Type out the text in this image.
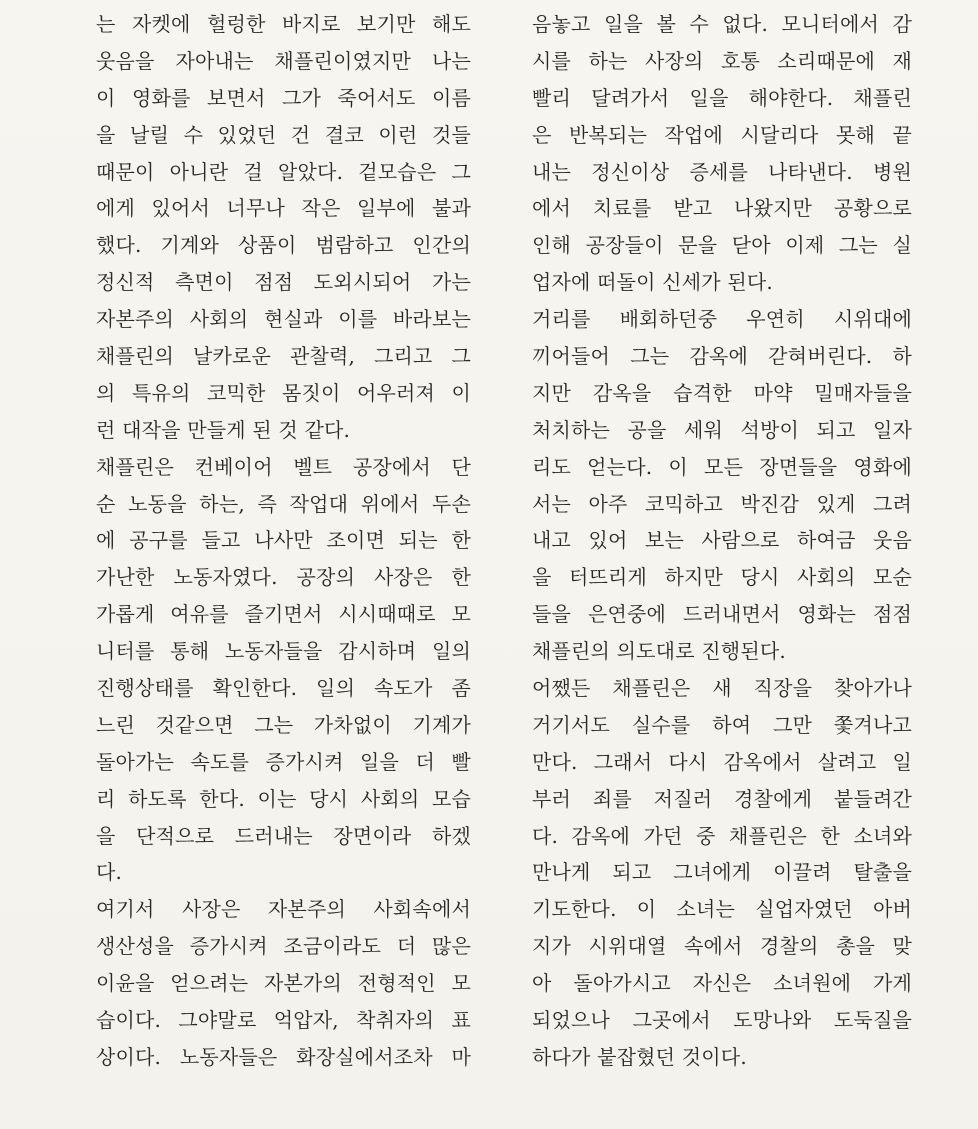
는 자켓에 헐렁한 바지로 보기만 해도
웃음을 자아내는 채플린이였지만 나는
이 영화를 보면서 그가 죽어서도 이름
을 날릴 수 있었던 건 결코 이런 것들
때문이 아니란 걸 알았다. 겉모습은 그
에게 있어서 너무나 작은 일부에 불과
했다. 기계와 상품이 범람하고 인간의
정신적 측면이 점점 도외시되어 가는
자본주의 사회의 현실과 이를 바라보는
채플린의 날카로운 관찰력, 그리고 그
의 특유의 코믹한 몸짓이 어우러져 이
런 대작을 만들게 된 것 같다.
채플린은 컨베이어 벨트 공장에서 단
순 노동을 하는, 즉 작업대 위에서 두손
에 공구를 들고 나사만 조이면 되는 한
가난한 노동자였다. 공장의 사장은 한
가롭게 여유를 즐기면서 시시때때로 모
니터를 통해 노동자들을 감시하며 일의
진행상태를 확인한다. 일의 속도가 좀
느린 것같으면 그는 가차없이 기계가
돌아가는 속도를 증가시켜 일을 더 빨
리 하도록 한다. 이는 당시 사회의 모습
을 단적으로 드러내는 장면이라 하겠
다.
여기서 사장은 자본주의 사회속에서
생산성을 증가시켜 조금이라도 더 많은
이윤을 얻으려는 자본가의 전형적인 모
습이다. 그야말로 억압자, 착취자의 표
상이다. 노동자들은 화장실에서조차 마
음놓고 일을 볼 수 없다. 모니터에서 감
시를 하는 사장의 호통 소리때문에 재
빨리 달려가서 일을 해야한다. 채플린
은 반복되는 작업에 시달리다 못해 끝
내는 정신이상 증세를 나타낸다. 병원
에서 치료를 받고 나왔지만 공황으로
인해 공장들이 문을 닫아 이제 그는 실
업자에 떠돌이 신세가 된다.
거리를 배회하던중 우연히 시위대에
끼어들어 그는 감옥에 갇혀버린다. 하
지만 감옥을 습격한 마약 밀매자들을
처치하는 공을 세워 석방이 되고 일자
리도 얻는다. 이 모든 장면들을 영화에
서는 아주 코믹하고 박진감 있게 그려
내고 있어 보는 사람으로 하여금 웃음
을 터뜨리게 하지만 당시 사회의 모순
들을 은연중에 드러내면서 영화는 점점
채플린의 의도대로 진행된다.
어쨌든 채플린은 새 직장을 찾아가나
거기서도 실수를 하여 그만 쫓겨나고
만다. 그래서 다시 감옥에서 살려고 일
부러 죄를 저질러 경찰에게 붙들려간
다. 감옥에 가던 중 채플린은 한 소녀와
만나게 되고 그녀에게 이끌려 탈출을
기도한다. 이 소녀는 실업자였던 아버
지가 시위대열 속에서 경찰의 총을 맞
아 돌아가시고 자신은 소녀원에 가게
되었으나 그곳에서 도망나와 도둑질을
하다가 붙잡혔던 것이다.
